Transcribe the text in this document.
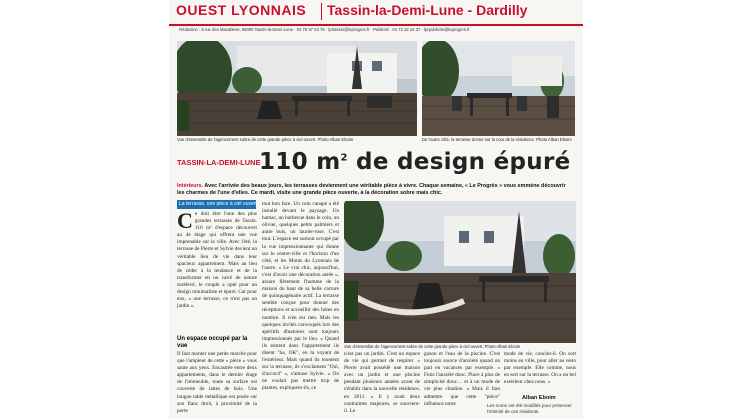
OUEST LYONNAIS Tassin-la-Demi-Lune - Dardilly
Rédaction : 9 rue des Macabiere, 69000 Tassin-la-Demi-Lune · 04 78 97 03 76 · lprtassin@leprogres.fr · Publicité : 04 72 22 24 37 · lprpublicite@leprogres.fr
Vue d'ensemble de l'agencement sobre de cette grande pièce à ciel ouvert. Photo Alban Eboim	De l'autre côté, la terrasse donne sur la cour de la résidence. Photo Alban Eboim
TASSIN-LA-DEMI-LUNE
110 $m^2$ de design épuré
Intérieurs. Avec l'arrivée des beaux jours, les terrasses deviennent une véritable pièce à vivre. Chaque semaine, « Le Progrès » vous emmène découvrir les charmes de l'une d'elles. Ce mardi, visite une grande pièce ouverte, à la décoration sobre mais chic.
La terrasse, une pièce à ciel ouvert
Ce doit être l'une des plus grandes terrasses de Tassin. 110 m² d'espace découvert au 4e étage qui offrent une vue imprenable sur la ville. Avec l'été, la terrasse de Pierre et Sylvie devient un véritable lieu de vie dans leur spacieux appartement. Mais au lieu de céder à la tendance et de la transformer en un carré de nature surélevé, le couple a opté pour un design minimaliste et épuré. Car pour eux, « une terrasse, ce n'est pas un jardin ».
Un espace occupé par la vue
Il faut monter une petite marche pour que l'ampleur de cette « pièce » vous saute aux yeux. Encastrée entre deux appartements, dans le dernier étage de l'immeuble, toute sa surface est couverte de lattes de bois. Une longue table métallique est posée sur son flanc droit, à proximité de la porte
tout bon face. Un coin canapé a été installé devant le paysage. Un hamac, un barbecue dans le coin, un olivier, quelques petits palmiers et autre buis, un laurier-rose. C'est tout. L'espace est surtout occupé par la vue impressionnante qui donne sur le centre-ville et l'horizon d'un côté, et les Monts du Lyonnais de l'autre. « Le vrai chic, aujourd'hui, c'est d'avoir une décoration aérée », assure fièrement l'homme de la maison du haut de sa belle carrure de quinquagénaire actif. La terrasse semble conçue pour donner des réceptions et accueillir des hôtes en nombre. Il n'en est rien. Mais les quelques invités convoqués lors des apéritifs dînatoires sont toujours impressionnés par le lieu. « Quand ils entrent dans l'appartement ils disent "ha, OK", en la voyant de l'extérieur. Mais quand ils montent sur la terrasse, ils s'exclament "Oui, d'accord" », s'amuse Sylvie. « On ne voulait pas mettre trop de plantes, expliquent-ils, ce
Vue d'ensemble de l'agencement sobre de cette grande pièce à ciel ouvert. Photo Alban Eboim
n'est pas un jardin. C'est un espace de vie qui permet de respirer. » Pierre avait possédé une maison avec un jardin et une piscine pendant plusieurs années avant de s'établir dans la nouvelle résidence, en 2011. « Il y avait deux contraintes majeures, se souvient-il. Le
gazon et l'eau de la piscine. C'est toujours source d'anxiété quand on part en vacances par exemple. » Finis l'anxiété donc. Place à plus de simplicité donc… et à un mode de vie plus citadine. « Mais il faut admettre que cette "pièce" influence notre
mode de vie, conclut-il. On sort moins en ville, pour aller au resto par exemple. Elle comme, nous en sert sur la terrasse. On a un bel extérieur chez nous. »
Alban Eboim
Les noms ont été modifiés pour préserver l'intimité de ces résidents.
